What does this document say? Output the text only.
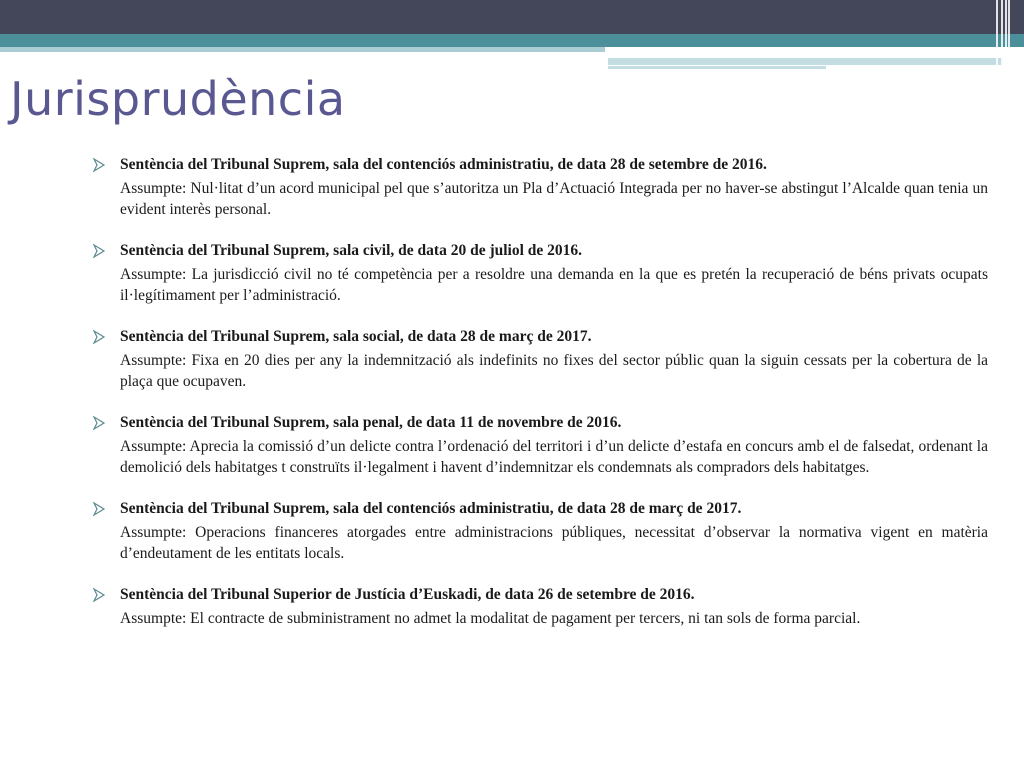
Jurisprudència
Sentència del Tribunal Suprem, sala del contenciós administratiu, de data 28 de setembre de 2016.
Assumpte: Nul·litat d’un acord municipal pel que s’autoritza un Pla d’Actuació Integrada per no haver-se abstingut l’Alcalde quan tenia un evident interès personal.
Sentència del Tribunal Suprem, sala civil, de data 20 de juliol de 2016.
Assumpte: La jurisdicció civil no té competència per a resoldre una demanda en la que es pretén la recuperació de béns privats ocupats il·legítimament per l’administració.
Sentència del Tribunal Suprem, sala social, de data 28 de març de 2017.
Assumpte: Fixa en 20 dies per any la indemnització als indefinits no fixes del sector públic quan la siguin cessats per la cobertura de la plaça que ocupaven.
Sentència del Tribunal Suprem, sala penal, de data 11 de novembre de 2016.
Assumpte: Aprecia la comissió d’un delicte contra l’ordenació del territori i d’un delicte d’estafa en concurs amb el de falsedat, ordenant la demolició dels habitatges t construïts il·legalment i havent d’indemnitzar els condemnats als compradors dels habitatges.
Sentència del Tribunal Suprem, sala del contenciós administratiu, de data 28 de març de 2017.
Assumpte: Operacions financeres atorgades entre administracions públiques, necessitat d’observar la normativa vigent en matèria d’endeutament de les entitats locals.
Sentència del Tribunal Superior de Justícia d’Euskadi, de data 26 de setembre de 2016.
Assumpte: El contracte de subministrament no admet la modalitat de pagament per tercers, ni tan sols de forma parcial.
